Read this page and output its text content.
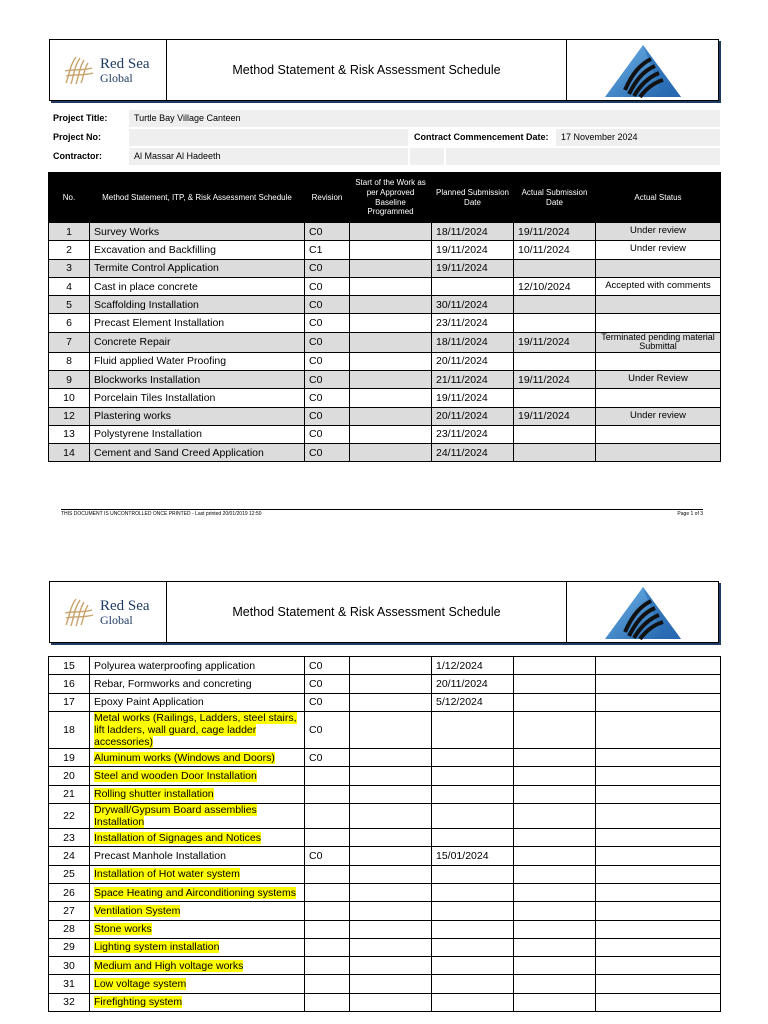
Red Sea
Global
Method Statement & Risk Assessment Schedule
Project Title:	Turtle Bay Village Canteen
Project No:	Contract Commencement Date:	17 November 2024
Contractor:	Al Massar Al Hadeeth
No.	Method Statement, ITP, & Risk Assessment Schedule	Revision	Start of the Work as per Approved Baseline Programmed	Planned Submission Date	Actual Submission Date	Actual Status
1	Survey Works	C0		18/11/2024	19/11/2024	Under review
2	Excavation and Backfilling	C1		19/11/2024	10/11/2024	Under review
3	Termite Control Application	C0		19/11/2024		
4	Cast in place concrete	C0			12/10/2024	Accepted with comments
5	Scaffolding Installation	C0		30/11/2024		
6	Precast Element Installation	C0		23/11/2024		
7	Concrete Repair	C0		18/11/2024	19/11/2024	Terminated pending material Submittal
8	Fluid applied Water Proofing	C0		20/11/2024		
9	Blockworks Installation	C0		21/11/2024	19/11/2024	Under Review
10	Porcelain Tiles Installation	C0		19/11/2024		
12	Plastering works	C0		20/11/2024	19/11/2024	Under review
13	Polystyrene Installation	C0		23/11/2024		
14	Cement and Sand Creed Application	C0		24/11/2024		
THIS DOCUMENT IS UNCONTROLLED ONCE PRINTED - Last printed 20/01/2019 12:50	Page 1 of 3
Red Sea
Global
Method Statement & Risk Assessment Schedule
15	Polyurea waterproofing application	C0		1/12/2024		
16	Rebar, Formworks and concreting	C0		20/11/2024		
17	Epoxy Paint Application	C0		5/12/2024		
18	Metal works (Railings, Ladders, steel stairs, lift ladders, wall guard, cage ladder accessories)	C0				
19	Aluminum works (Windows and Doors)	C0				
20	Steel and wooden Door Installation					
21	Rolling shutter installation					
22	Drywall/Gypsum Board assemblies Installation					
23	Installation of Signages and Notices					
24	Precast Manhole Installation	C0		15/01/2024		
25	Installation of Hot water system					
26	Space Heating and Airconditioning systems					
27	Ventilation System					
28	Stone works					
29	Lighting system installation					
30	Medium and High voltage works					
31	Low voltage system					
32	Firefighting system					
